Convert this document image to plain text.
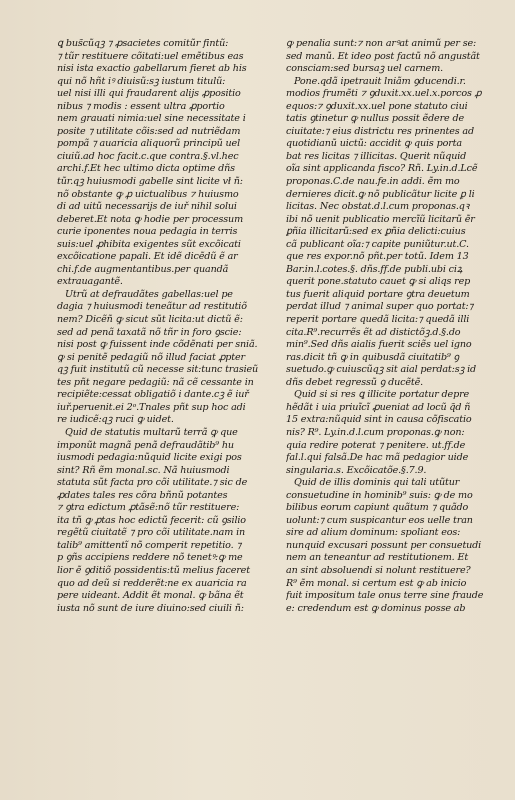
ꝗ bus̃cũqꝫ ⁊ ꝓsacietes comitũr fintũ:
⁊ tũr restituere cõitati:uel emẽtibus eas
nisi ista exactio gabellarum fieret ab his
qui nõ hñt iꝰ diuisũ:sꝫ iustum titulũ:
uel nisi illi qui fraudarent alijs ꝓpositio
nibus ⁊ modis : essent ultra ꝓportio
nem grauati nimia:uel sine necessitate i
posite ⁊ utilitate cõis:sed ad nutriẽdam
pompã ⁊ auaricia aliquorũ principũ uel
ciuiũ.ad hoc facit.c.que contra.§.vl.hec
archi.f.Et hec ultimo dicta optime dñs
tũr.qꝫ huiusmodi gabelle sint licite vł ñ:
nõ obstante ꝙ ꝓ uictualibus ⁊ huiusmo
di ad uitũ necessarijs de iuř nihil solui
deberet.Et nota ꝙ hodie per processum
curie iponentes noua pedagia in terris
suis:uel ꝓhibita exigentes sũt excõicati
excõicatione papali. Et idẽ dicẽdũ ẽ ar
chi.f.de augmentantibus.per quandã
extrauagantẽ.
Utrũ at defraudãtes gabellas:uel pe
dagia ⁊ huiusmodi teneãtur ad restitutiõ
nem? Dicẽñ ꝙ sicut sũt licita:ut dictũ ẽ:
sed ad penã taxatã nõ tñr in foro ꝯscie:
nisi post ꝙ fuissent inde cõdẽnati per sniã.
ꝙ si penitẽ pedagiũ nõ illud faciat ꝓpter
qꝫ fuit institutũ cũ necesse sit:tunc trasieũ
tes pñt negare pedagiũ: nã cẽ cessante in
recipiẽte:cessat obligatiõ i dante.cꝫ ẽ iuř
iuř.peruenit.ei 2ᵒ.Tnales pñt sup hoc adi
re iudicẽ:qꝫ ruci ꝙ uidet.
Quid de statutis multarũ terrã ꝙ que
imponũt magnã penã defraudãtib⁹ hu
iusmodi pedagia:nũquid licite exigi pos
sint? Rñ ẽm monal.sc. Nã huiusmodi
statuta sũt facta pro cõi utilitate.⁊ sic de
ꝓdates tales res cõra bñnũ potantes
⁊ ꝯtra edictum ꝓtãsẽ:nõ tũr restituere:
ita tñ ꝙ ꝓtas hoc edictũ fecerit: cũ ꝯsilio
regẽtũ ciuitatẽ ⁊ pro cõi utilitate.nam in
talib⁹ amittentĩ nõ comperit repetitio. ⁊
p ꝯñs accipiens reddere nõ tenetꝰ:ꝙ me
lior ẽ ꝯditiõ possidentis:tũ melius faceret
quo ad deũ si redderẽt:ne ex auaricia ra
pere uideant. Addit ẽt monal. ꝙ bãna ẽt
iusta nõ sunt de iure diuino:sed ciuili ñ:
ꝙ penalia sunt:⁊ non arꝰat animũ per se:
sed manũ. Et ideo post factũ nõ angustãt
consciam:sed bursaꝫ uel carnem.
Pone.qdã ipetrauit lniãm ꝯducendi.r.
modios frumẽti ⁊ ꝯduxit.xx.uel.x.porcos ꝓ
equos:⁊ ꝯduxit.xx.uel pone statuto ciui
tatis ꝯtinetur ꝙ nullus possit ẽdere de
ciuitate:⁊ eius districtu res prinentes ad
quotidianũ uictũ: accidit ꝙ quis porta
bat res licitas ⁊ illicitas. Querit nũquid
oĩa sint applicanda fisco? Rñ. Ly.in.d.Lcẽ
proponas.C.de nau.fe.in addi. ẽm mo
dernieres dicit.ꝙ nõ publicãtur licite ꝑ li
licitas. Nec obstat.d.l.cum proponas.qꝛ
ibi nõ uenit publicatio mercĩũ licitarũ ẽr
ꝑñia illicitarũ:sed ex ꝑñia delicti:cuius
cã publicant oĩa:⁊ capite puniũtur.ut.C.
que res expor.nõ pñt.per totũ. Idem 13
Bar.in.l.cotes.§. dñs.ff.de publi.ubi ciꝝ
querit pone.statuto cauet ꝙ si aliqs rep
tus fuerit aliquid portare ꝯtra deuetum
perdat illud ⁊ animal super quo portat:⁊
reperit portare quedã licita:⁊ quedã illi
cita.R⁹.recurrẽs ẽt ad distictõꝫ.d.§.do
min⁹.Sed dñs aialis fuerit sciẽs uel igno
ras.dicit tñ ꝙ in quibusdã ciuitatib⁹ ꝯ
suetudo.ꝙ cuiuscũqꝫ sit aial perdat:sꝫ id
dñs debet regressũ ꝯ ducẽtẽ.
Quid si si res ꝗ illicite portatur depre
hẽdãt i uia priuĩcĩ ꝓueniat ad locũ q̃d ñ
15 extra:nũquid sint in causa cõfiscatio
nis? R⁹. Ly.in.d.l.cum proponas.ꝙ non:
quia redire poterat ⁊ penitere. ut.ff.de
fal.l.qui falsã.De hac mã pedagior uide
singularia.s. Excõicatõe.§.7.9.
Quid de illis dominis qui tali utũtur
consuetudine in hominib⁹ suis: ꝙ de mo
bilibus eorum capiunt quãtum ⁊ quãdo
uolunt:⁊ cum suspicantur eos uelle tran
sire ad alium dominum: spoliant eos:
nunquid excusari possunt per consuetudi
nem an teneantur ad restitutionem. Et
an sint absoluendi si nolunt restituere?
R⁹ ẽm monal. si certum est ꝙ ab inicio
fuit impositum tale onus terre sine fraude
e: credendum est ꝙ dominus posse ab
